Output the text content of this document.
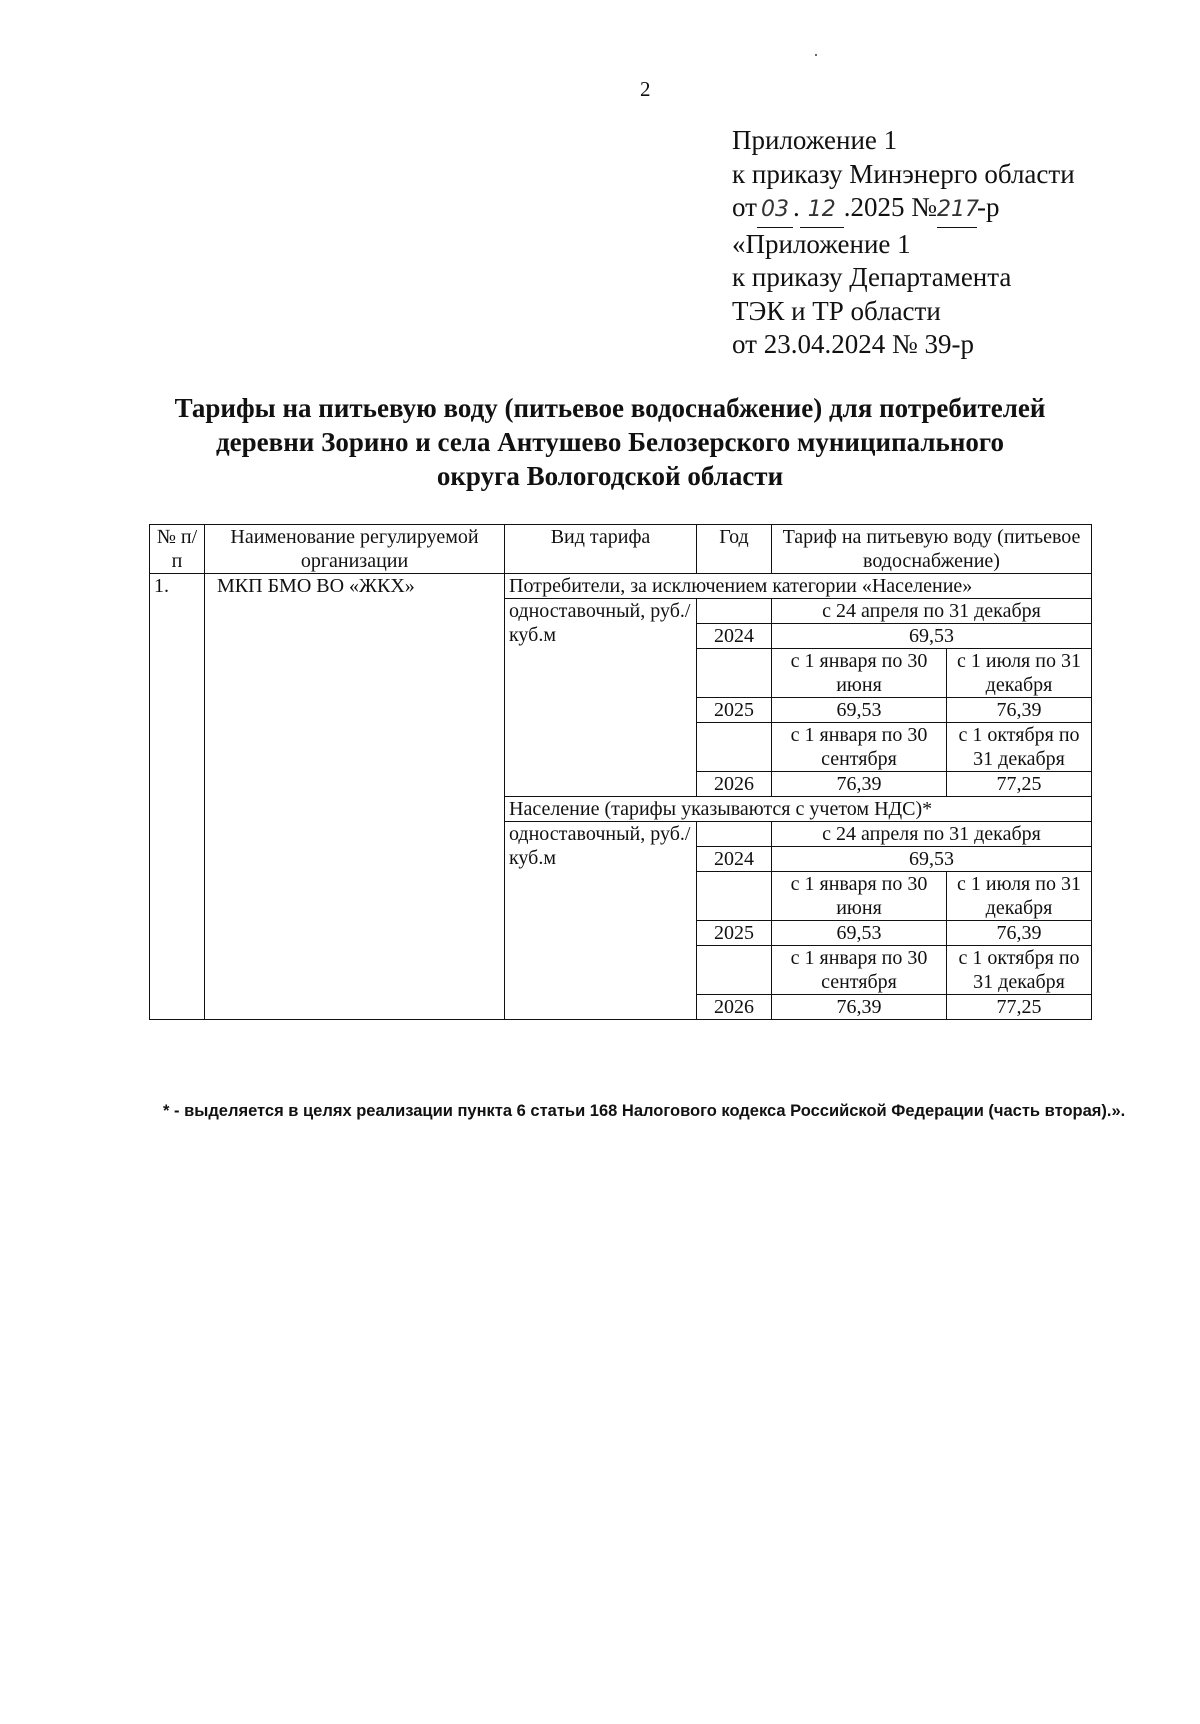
2
Приложение 1
к приказу Минэнерго области
от 03 . 12 .2025 №217-р
«Приложение 1
к приказу Департамента
ТЭК и ТР области
от 23.04.2024 № 39-р
Тарифы на питьевую воду (питьевое водоснабжение) для потребителей
деревни Зорино и села Антушево Белозерского муниципального
округа Вологодской области
№ п/п	Наименование регулируемой организации	Вид тарифа	Год	Тариф на питьевую воду (питьевое водоснабжение)	
1.	МКП БМО ВО «ЖКХ»	Потребители, за исключением категории «Население»			
		одноставочный, руб./ куб.м		с 24 апреля по 31 декабря	
			2024	69,53	
				с 1 января по 30 июня	с 1 июля по 31 декабря
			2025	69,53	76,39
				с 1 января по 30 сентября	с 1 октября по 31 декабря
			2026	76,39	77,25
		Население (тарифы указываются с учетом НДС)*			
		одноставочный, руб./ куб.м		с 24 апреля по 31 декабря	
			2024	69,53	
				с 1 января по 30 июня	с 1 июля по 31 декабря
			2025	69,53	76,39
				с 1 января по 30 сентября	с 1 октября по 31 декабря
			2026	76,39	77,25
* - выделяется в целях реализации пункта 6 статьи 168 Налогового кодекса Российской Федерации (часть вторая).».
